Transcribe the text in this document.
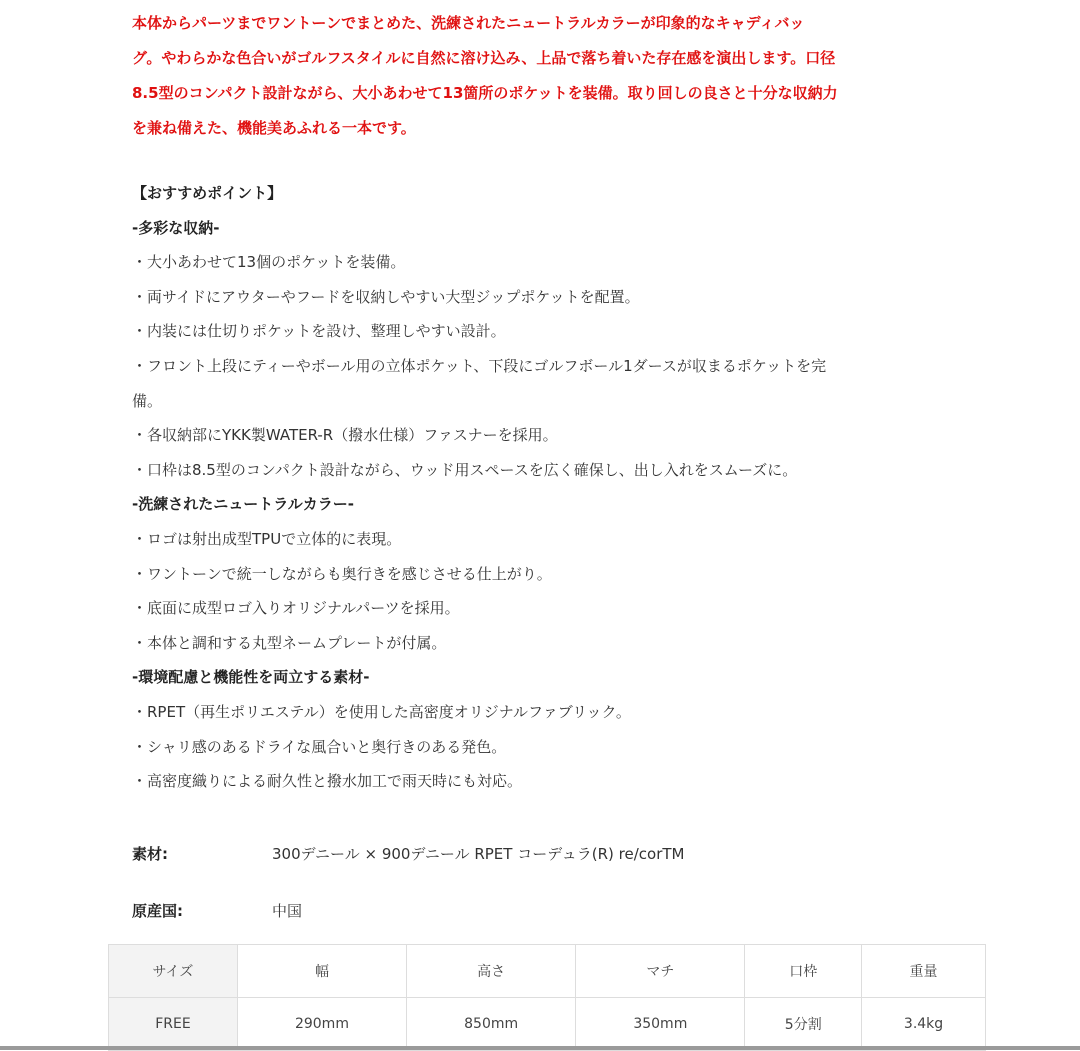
本体からパーツまでワントーンでまとめた、洗練されたニュートラルカラーが印象的なキャディバッ

グ。やわらかな色合いがゴルフスタイルに自然に溶け込み、上品で落ち着いた存在感を演出します。口径

8.5型のコンパクト設計ながら、大小あわせて13箇所のポケットを装備。取り回しの良さと十分な収納力

を兼ね備えた、機能美あふれる一本です。

【おすすめポイント】

-多彩な収納-

・大小あわせて13個のポケットを装備。

・両サイドにアウターやフードを収納しやすい大型ジップポケットを配置。

・内装には仕切りポケットを設け、整理しやすい設計。

・フロント上段にティーやボール用の立体ポケット、下段にゴルフボール1ダースが収まるポケットを完

備。

・各収納部にYKK製WATER-R（撥水仕様）ファスナーを採用。

・口枠は8.5型のコンパクト設計ながら、ウッド用スペースを広く確保し、出し入れをスムーズに。

-洗練されたニュートラルカラー-

・ロゴは射出成型TPUで立体的に表現。

・ワントーンで統一しながらも奥行きを感じさせる仕上がり。

・底面に成型ロゴ入りオリジナルパーツを採用。

・本体と調和する丸型ネームプレートが付属。

-環境配慮と機能性を両立する素材-

・RPET（再生ポリエステル）を使用した高密度オリジナルファブリック。

・シャリ感のあるドライな風合いと奥行きのある発色。

・高密度織りによる耐久性と撥水加工で雨天時にも対応。

素材:	300デニール × 900デニール RPET コーデュラ(R) re/corTM
原産国:	中国
サイズ	幅	高さ	マチ	口枠	重量
FREE	290mm	850mm	350mm	5分割	3.4kg
